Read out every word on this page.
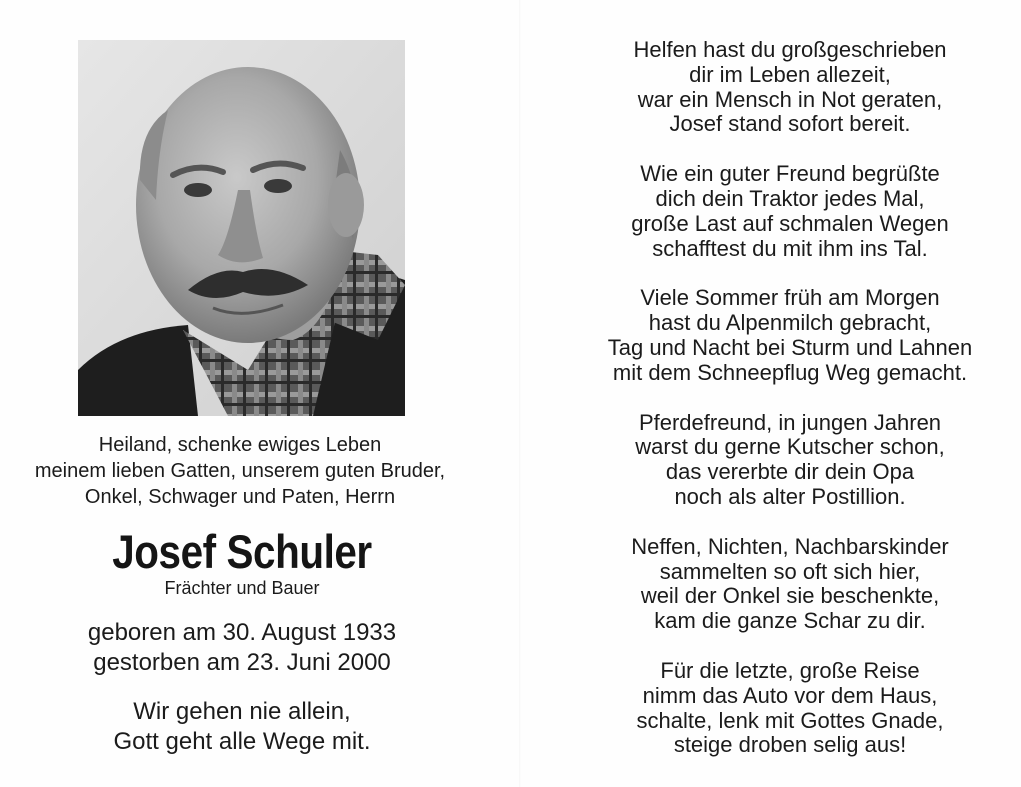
Heiland, schenke ewiges Leben
meinem lieben Gatten, unserem guten Bruder,
Onkel, Schwager und Paten, Herrn
Josef Schuler
Frächter und Bauer
geboren am 30. August 1933
gestorben am 23. Juni 2000
Wir gehen nie allein,
Gott geht alle Wege mit.
Helfen hast du großgeschrieben
dir im Leben allezeit,
war ein Mensch in Not geraten,
Josef stand sofort bereit.
Wie ein guter Freund begrüßte
dich dein Traktor jedes Mal,
große Last auf schmalen Wegen
schafftest du mit ihm ins Tal.
Viele Sommer früh am Morgen
hast du Alpenmilch gebracht,
Tag und Nacht bei Sturm und Lahnen
mit dem Schneepflug Weg gemacht.
Pferdefreund, in jungen Jahren
warst du gerne Kutscher schon,
das vererbte dir dein Opa
noch als alter Postillion.
Neffen, Nichten, Nachbarskinder
sammelten so oft sich hier,
weil der Onkel sie beschenkte,
kam die ganze Schar zu dir.
Für die letzte, große Reise
nimm das Auto vor dem Haus,
schalte, lenk mit Gottes Gnade,
steige droben selig aus!
